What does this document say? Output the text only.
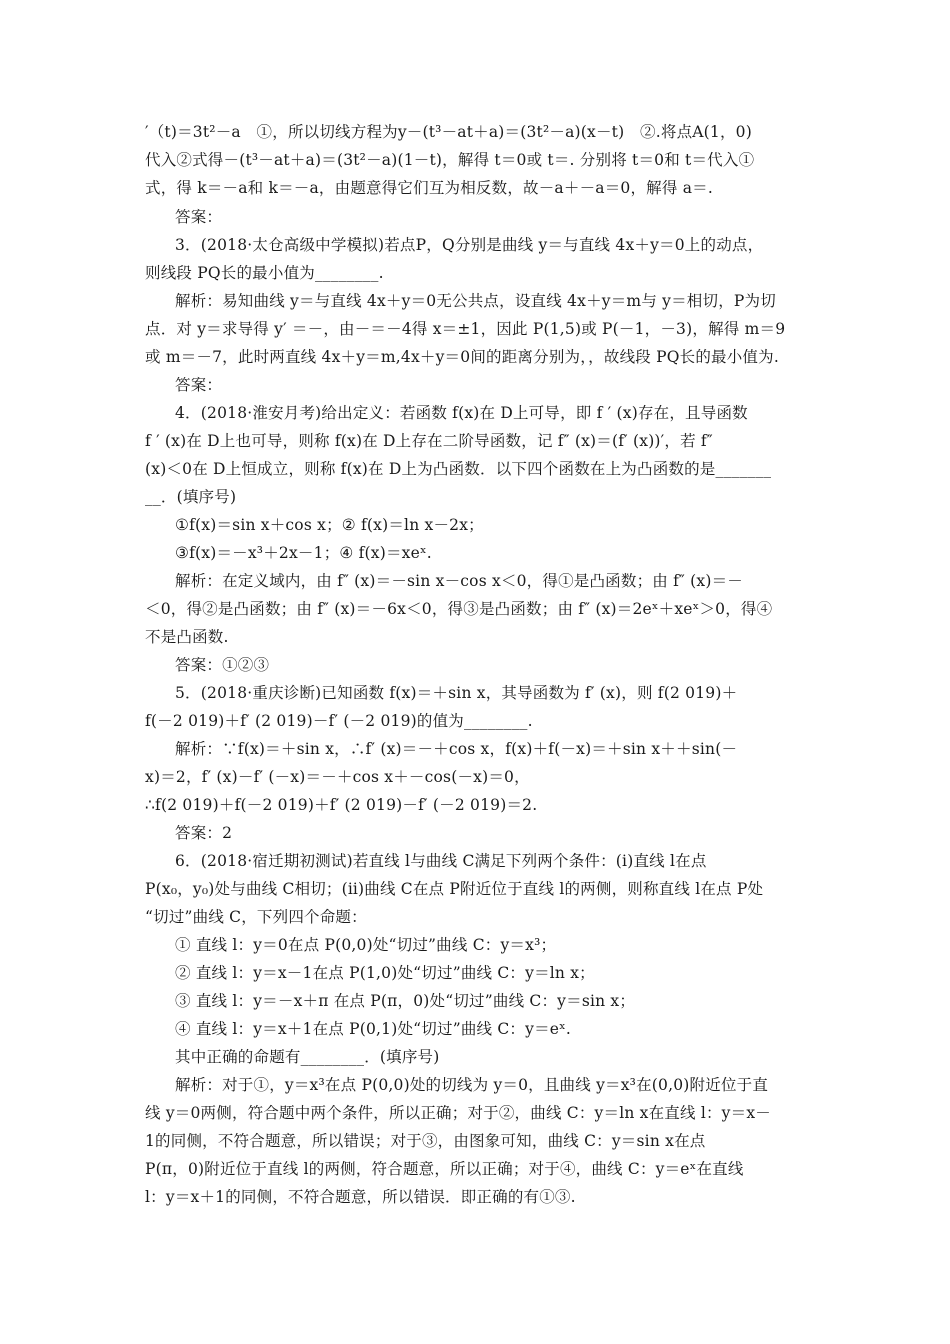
′（t)＝3t²－a　①，所以切线方程为y－(t³－at＋a)＝(3t²－a)(x－t)　②.将点A(1，0)
代入②式得－(t³－at＋a)＝(3t²－a)(1－t)，解得 t＝0或 t＝. 分别将 t＝0和 t＝代入①
式，得 k＝－a和 k＝－a，由题意得它们互为相反数，故－a＋－a＝0，解得 a＝.
答案：
3．(2018·太仓高级中学模拟)若点P，Q分别是曲线 y＝与直线 4x＋y＝0上的动点，
则线段 PQ长的最小值为________.
解析：易知曲线 y＝与直线 4x＋y＝0无公共点，设直线 4x＋y＝m与 y＝相切，P为切
点．对 y＝求导得 y′ ＝－，由－＝－4得 x＝±1，因此 P(1,5)或 P(－1，－3)，解得 m＝9
或 m＝－7，此时两直线 4x＋y＝m,4x＋y＝0间的距离分别为，，故线段 PQ长的最小值为.
答案：
4．(2018·淮安月考)给出定义：若函数 f(x)在 D上可导，即 f ′ (x)存在，且导函数
f ′ (x)在 D上也可导，则称 f(x)在 D上存在二阶导函数，记 f″ (x)＝(f′ (x))′，若 f″
(x)＜0在 D上恒成立，则称 f(x)在 D上为凸函数．以下四个函数在上为凸函数的是_______
__．(填序号)
①f(x)＝sin x＋cos x；② f(x)＝ln x－2x；
③f(x)＝－x³＋2x－1；④ f(x)＝xeˣ.
解析：在定义域内，由 f″ (x)＝－sin x－cos x＜0，得①是凸函数；由 f″ (x)＝－
＜0，得②是凸函数；由 f″ (x)＝－6x＜0，得③是凸函数；由 f″ (x)＝2eˣ＋xeˣ＞0，得④
不是凸函数.
答案：①②③
5．(2018·重庆诊断)已知函数 f(x)＝＋sin x，其导函数为 f′ (x)，则 f(2 019)＋
f(－2 019)＋f′ (2 019)－f′ (－2 019)的值为________.
解析：∵f(x)＝＋sin x，∴f′ (x)＝－＋cos x，f(x)＋f(－x)＝＋sin x＋＋sin(－
x)＝2，f′ (x)－f′ (－x)＝－＋cos x＋－cos(－x)＝0，
∴f(2 019)＋f(－2 019)＋f′ (2 019)－f′ (－2 019)＝2.
答案：2
6．(2018·宿迁期初测试)若直线 l与曲线 C满足下列两个条件：(ⅰ)直线 l在点
P(x₀，y₀)处与曲线 C相切；(ⅱ)曲线 C在点 P附近位于直线 l的两侧，则称直线 l在点 P处
“切过”曲线 C，下列四个命题：
① 直线 l：y＝0在点 P(0,0)处“切过”曲线 C：y＝x³；
② 直线 l：y＝x－1在点 P(1,0)处“切过”曲线 C：y＝ln x；
③ 直线 l：y＝－x＋π 在点 P(π，0)处“切过”曲线 C：y＝sin x；
④ 直线 l：y＝x＋1在点 P(0,1)处“切过”曲线 C：y＝eˣ.
其中正确的命题有________．(填序号)
解析：对于①，y＝x³在点 P(0,0)处的切线为 y＝0，且曲线 y＝x³在(0,0)附近位于直
线 y＝0两侧，符合题中两个条件，所以正确；对于②，曲线 C：y＝ln x在直线 l：y＝x－
1的同侧，不符合题意，所以错误；对于③，由图象可知，曲线 C：y＝sin x在点
P(π，0)附近位于直线 l的两侧，符合题意，所以正确；对于④，曲线 C：y＝eˣ在直线
l：y＝x＋1的同侧，不符合题意，所以错误．即正确的有①③.
